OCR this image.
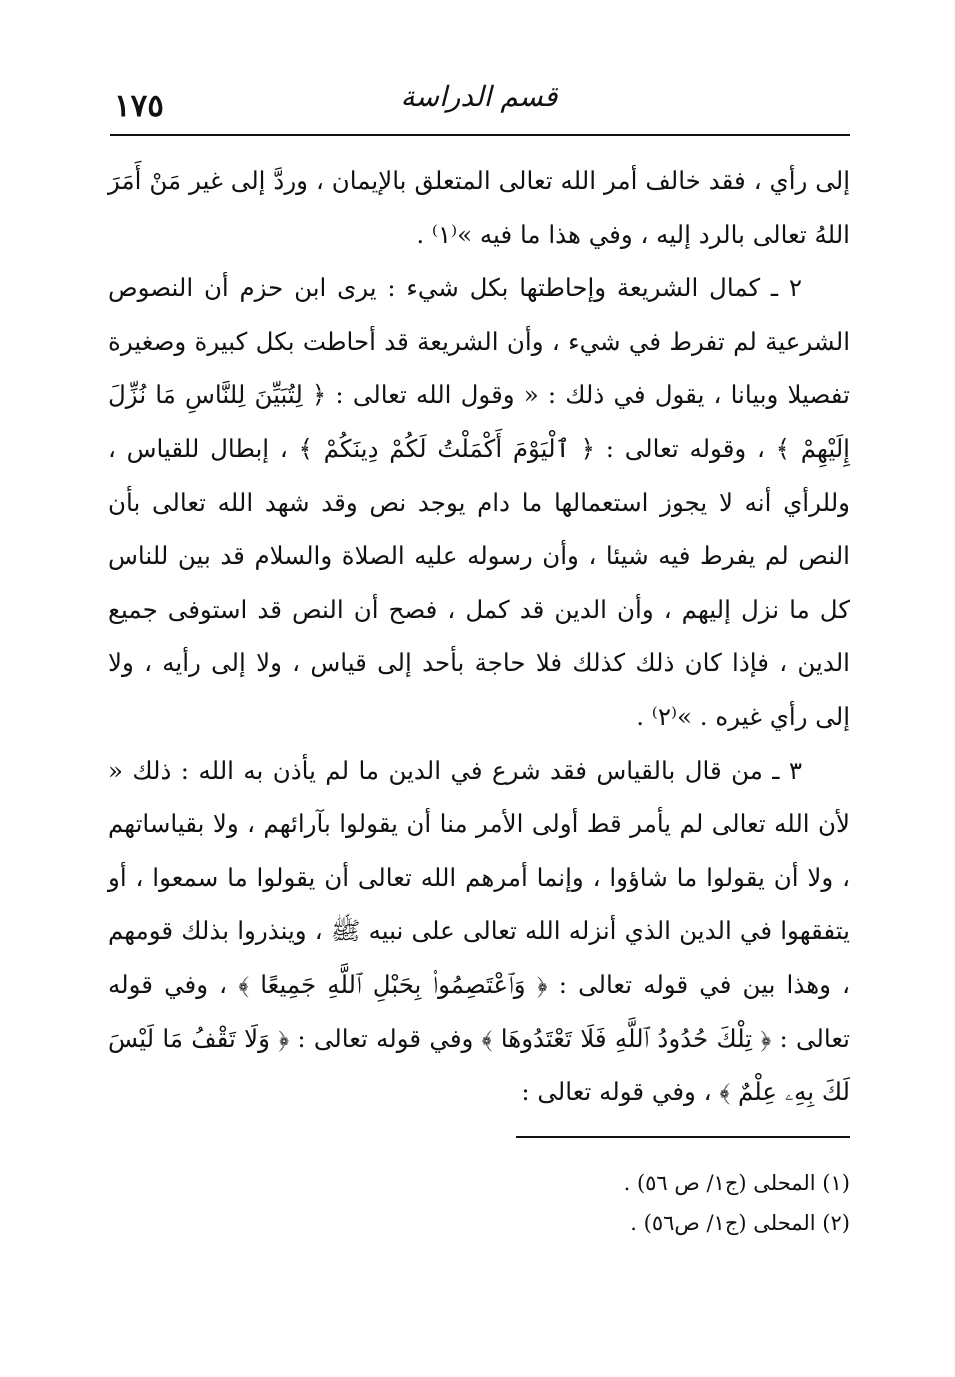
١٧٥	قسم الدراسة

إلى رأي ، فقد خالف أمر الله تعالى المتعلق بالإيمان ، وردَّ إلى غير مَنْ أَمَرَ اللهُ تعالى بالرد إليه ، وفي هذا ما فيه »⁽١⁾ .

٢ ـ كمال الشريعة وإحاطتها بكل شيء : يرى ابن حزم أن النصوص الشرعية لم تفرط في شيء ، وأن الشريعة قد أحاطت بكل كبيرة وصغيرة تفصيلا وبيانا ، يقول في ذلك : « وقول الله تعالى : ﴿ لِتُبَيِّنَ لِلنَّاسِ مَا نُزِّلَ إِلَيْهِمْ ﴾ ، وقوله تعالى : ﴿ ٱلْيَوْمَ أَكْمَلْتُ لَكُمْ دِينَكُمْ ﴾ ، إبطال للقياس ، وللرأي أنه لا يجوز استعمالها ما دام يوجد نص وقد شهد الله تعالى بأن النص لم يفرط فيه شيئا ، وأن رسوله عليه الصلاة والسلام قد بين للناس كل ما نزل إليهم ، وأن الدين قد كمل ، فصح أن النص قد استوفى جميع الدين ، فإذا كان ذلك كذلك فلا حاجة بأحد إلى قياس ، ولا إلى رأيه ، ولا إلى رأي غيره . »⁽٢⁾ .

٣ ـ من قال بالقياس فقد شرع في الدين ما لم يأذن به الله : ذلك « لأن الله تعالى لم يأمر قط أولى الأمر منا أن يقولوا بآرائهم ، ولا بقياساتهم ، ولا أن يقولوا ما شاؤوا ، وإنما أمرهم الله تعالى أن يقولوا ما سمعوا ، أو يتفقهوا في الدين الذي أنزله الله تعالى على نبيه ﷺ ، وينذروا بذلك قومهم ، وهذا بين في قوله تعالى : ﴿ وَٱعْتَصِمُوا۟ بِحَبْلِ ٱللَّهِ جَمِيعًا ﴾ ، وفي قوله تعالى : ﴿ تِلْكَ حُدُودُ ٱللَّهِ فَلَا تَعْتَدُوهَا ﴾ وفي قوله تعالى : ﴿ وَلَا تَقْفُ مَا لَيْسَ لَكَ بِهِۦ عِلْمٌ ﴾ ، وفي قوله تعالى :

(١) المحلى (ج١/ ص ٥٦) .

(٢) المحلى (ج١/ ص٥٦) .
